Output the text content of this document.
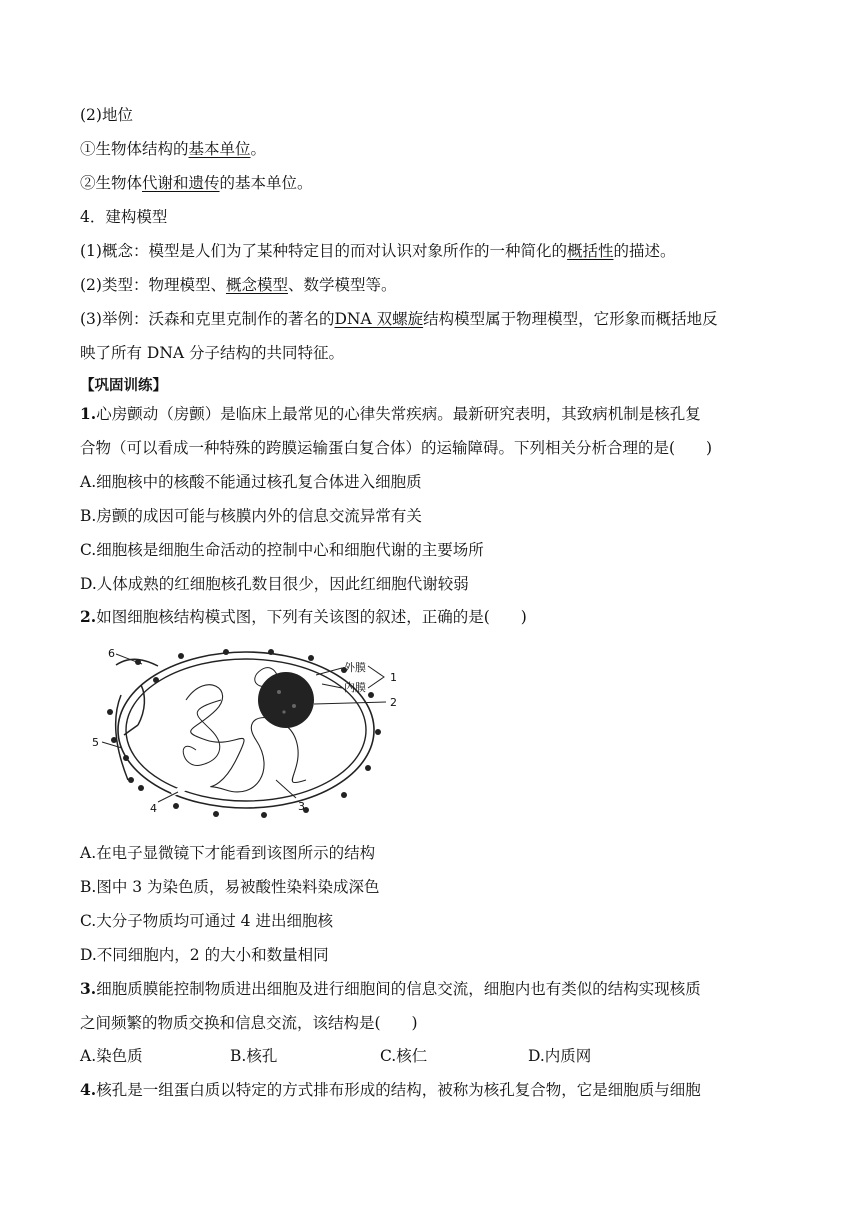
(2)地位
①生物体结构的基本单位。
②生物体代谢和遗传的基本单位。
4．建构模型
(1)概念：模型是人们为了某种特定目的而对认识对象所作的一种简化的概括性的描述。
(2)类型：物理模型、概念模型、数学模型等。
(3)举例：沃森和克里克制作的著名的DNA 双螺旋结构模型属于物理模型，它形象而概括地反
映了所有 DNA 分子结构的共同特征。
【巩固训练】
1.心房颤动（房颤）是临床上最常见的心律失常疾病。最新研究表明，其致病机制是核孔复
合物（可以看成一种特殊的跨膜运输蛋白复合体）的运输障碍。下列相关分析合理的是(　　)
A.细胞核中的核酸不能通过核孔复合体进入细胞质
B.房颤的成因可能与核膜内外的信息交流异常有关
C.细胞核是细胞生命活动的控制中心和细胞代谢的主要场所
D.人体成熟的红细胞核孔数目很少，因此红细胞代谢较弱
2.如图细胞核结构模式图，下列有关该图的叙述，正确的是(　　)
外膜
内膜
1
2
3
4
5
6
A.在电子显微镜下才能看到该图所示的结构
B.图中 3 为染色质，易被酸性染料染成深色
C.大分子物质均可通过 4 进出细胞核
D.不同细胞内，2 的大小和数量相同
3.细胞质膜能控制物质进出细胞及进行细胞间的信息交流，细胞内也有类似的结构实现核质
之间频繁的物质交换和信息交流，该结构是(　　)
A.染色质	B.核孔	C.核仁	D.内质网
4.核孔是一组蛋白质以特定的方式排布形成的结构，被称为核孔复合物，它是细胞质与细胞
